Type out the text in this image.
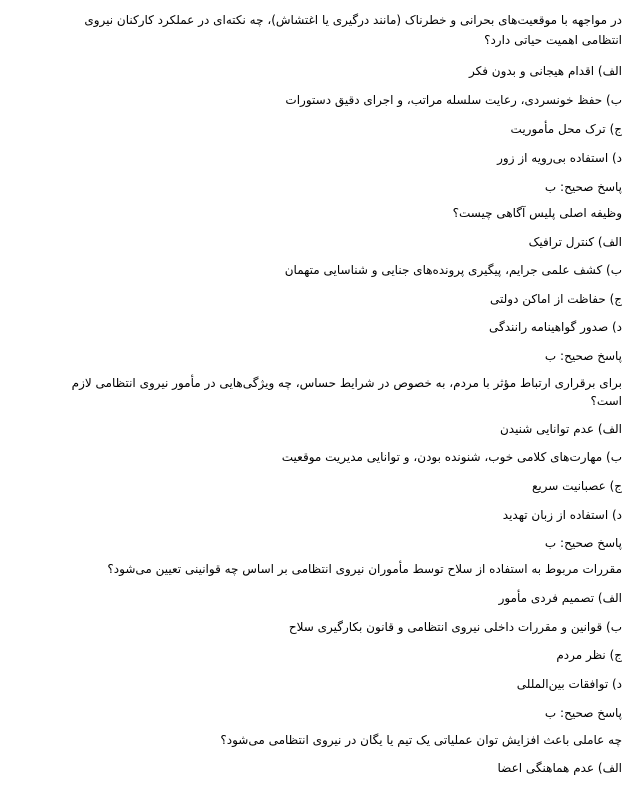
در مواجهه با موقعیت‌های بحرانی و خطرناک (مانند درگیری یا اغتشاش)، چه نکته‌ای در عملکرد کارکنان نیروی
انتظامی اهمیت حیاتی دارد؟
الف) اقدام هیجانی و بدون فکر
ب) حفظ خونسردی، رعایت سلسله مراتب، و اجرای دقیق دستورات
ج) ترک محل مأموریت
د) استفاده بی‌رویه از زور
پاسخ صحیح: ب
وظیفه اصلی پلیس آگاهی چیست؟
الف) کنترل ترافیک
ب) کشف علمی جرایم، پیگیری پرونده‌های جنایی و شناسایی متهمان
ج) حفاظت از اماکن دولتی
د) صدور گواهینامه رانندگی
پاسخ صحیح: ب
برای برقراری ارتباط مؤثر با مردم، به خصوص در شرایط حساس، چه ویژگی‌هایی در مأمور نیروی انتظامی لازم
است؟
الف) عدم توانایی شنیدن
ب) مهارت‌های کلامی خوب، شنونده بودن، و توانایی مدیریت موقعیت
ج) عصبانیت سریع
د) استفاده از زبان تهدید
پاسخ صحیح: ب
مقررات مربوط به استفاده از سلاح توسط مأموران نیروی انتظامی بر اساس چه قوانینی تعیین می‌شود؟
الف) تصمیم فردی مأمور
ب) قوانین و مقررات داخلی نیروی انتظامی و قانون بکارگیری سلاح
ج) نظر مردم
د) توافقات بین‌المللی
پاسخ صحیح: ب
چه عاملی باعث افزایش توان عملیاتی یک تیم یا یگان در نیروی انتظامی می‌شود؟
الف) عدم هماهنگی اعضا
